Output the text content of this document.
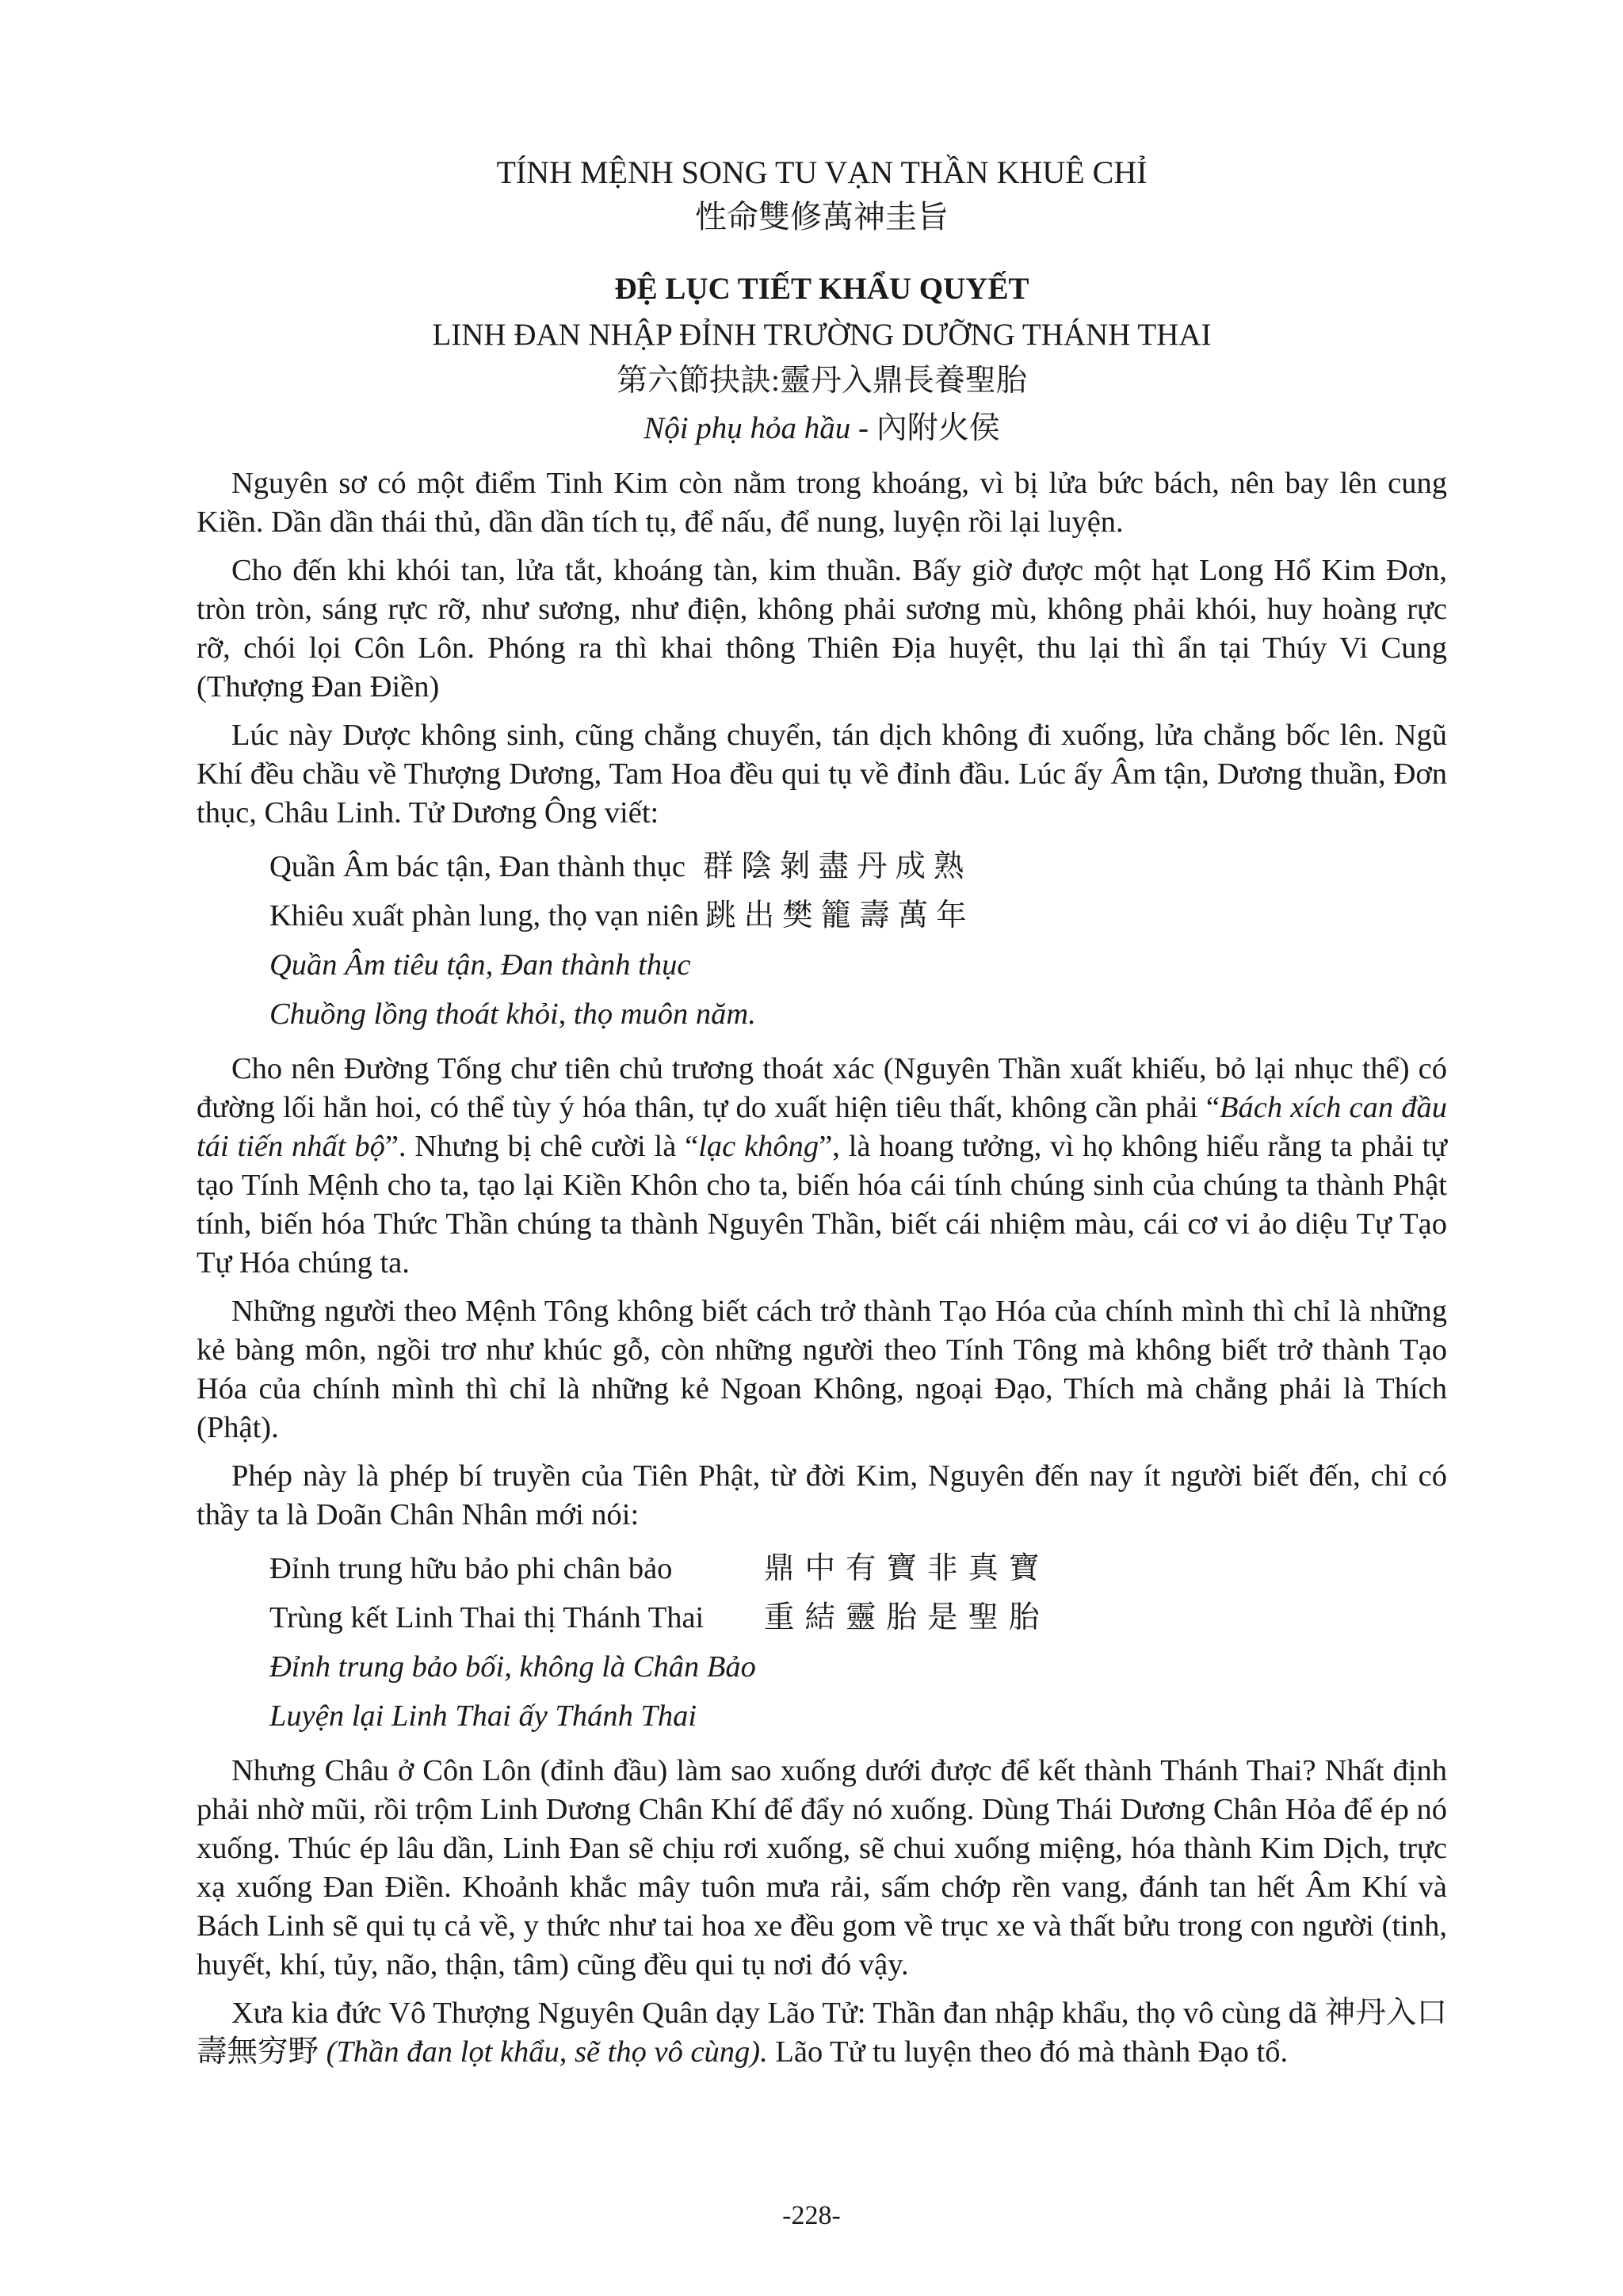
TÍNH MỆNH SONG TU VẠN THẦN KHUÊ CHỈ

性命雙修萬神圭旨

ĐỆ LỤC TIẾT KHẨU QUYẾT

LINH ĐAN NHẬP ĐỈNH TRƯỜNG DƯỠNG THÁNH THAI

第六節抉訣:靈丹入鼎長養聖胎

Nội phụ hỏa hầu - 內附火侯

Nguyên sơ có một điểm Tinh Kim còn nằm trong khoáng, vì bị lửa bức bách, nên bay lên cung Kiền. Dần dần thái thủ, dần dần tích tụ, để nấu, để nung, luyện rồi lại luyện.

Cho đến khi khói tan, lửa tắt, khoáng tàn, kim thuần. Bấy giờ được một hạt Long Hổ Kim Đơn, tròn tròn, sáng rực rỡ, như sương, như điện, không phải sương mù, không phải khói, huy hoàng rực rỡ, chói lọi Côn Lôn. Phóng ra thì khai thông Thiên Địa huyệt, thu lại thì ẩn tại Thúy Vi Cung (Thượng Đan Điền)

Lúc này Dược không sinh, cũng chẳng chuyển, tán dịch không đi xuống, lửa chẳng bốc lên. Ngũ Khí đều chầu về Thượng Dương, Tam Hoa đều qui tụ về đỉnh đầu. Lúc ấy Âm tận, Dương thuần, Đơn thục, Châu Linh. Tử Dương Ông viết:

Quần Âm bác tận, Đan thành thục 群陰剝盡丹成熟
Khiêu xuất phàn lung, thọ vạn niên 跳出樊籠壽萬年
Quần Âm tiêu tận, Đan thành thục
Chuồng lồng thoát khỏi, thọ muôn năm.

Cho nên Đường Tống chư tiên chủ trương thoát xác (Nguyên Thần xuất khiếu, bỏ lại nhục thể) có đường lối hẳn hoi, có thể tùy ý hóa thân, tự do xuất hiện tiêu thất, không cần phải “Bách xích can đầu tái tiến nhất bộ”. Nhưng bị chê cười là “lạc không”, là hoang tưởng, vì họ không hiểu rằng ta phải tự tạo Tính Mệnh cho ta, tạo lại Kiền Khôn cho ta, biến hóa cái tính chúng sinh của chúng ta thành Phật tính, biến hóa Thức Thần chúng ta thành Nguyên Thần, biết cái nhiệm màu, cái cơ vi ảo diệu Tự Tạo Tự Hóa chúng ta.

Những người theo Mệnh Tông không biết cách trở thành Tạo Hóa của chính mình thì chỉ là những kẻ bàng môn, ngồi trơ như khúc gỗ, còn những người theo Tính Tông mà không biết trở thành Tạo Hóa của chính mình thì chỉ là những kẻ Ngoan Không, ngoại Đạo, Thích mà chẳng phải là Thích (Phật).

Phép này là phép bí truyền của Tiên Phật, từ đời Kim, Nguyên đến nay ít người biết đến, chỉ có thầy ta là Doãn Chân Nhân mới nói:

Đỉnh trung hữu bảo phi chân bảo	鼎中有寶非真寶
Trùng kết Linh Thai thị Thánh Thai	重結靈胎是聖胎
Đỉnh trung bảo bối, không là Chân Bảo
Luyện lại Linh Thai ấy Thánh Thai

Nhưng Châu ở Côn Lôn (đỉnh đầu) làm sao xuống dưới được để kết thành Thánh Thai? Nhất định phải nhờ mũi, rồi trộm Linh Dương Chân Khí để đẩy nó xuống. Dùng Thái Dương Chân Hỏa để ép nó xuống. Thúc ép lâu dần, Linh Đan sẽ chịu rơi xuống, sẽ chui xuống miệng, hóa thành Kim Dịch, trực xạ xuống Đan Điền. Khoảnh khắc mây tuôn mưa rải, sấm chớp rền vang, đánh tan hết Âm Khí và Bách Linh sẽ qui tụ cả về, y thức như tai hoa xe đều gom về trục xe và thất bửu trong con người (tinh, huyết, khí, tủy, não, thận, tâm) cũng đều qui tụ nơi đó vậy.

Xưa kia đức Vô Thượng Nguyên Quân dạy Lão Tử: Thần đan nhập khẩu, thọ vô cùng dã 神丹入口壽無穷野 (Thần đan lọt khẩu, sẽ thọ vô cùng). Lão Tử tu luyện theo đó mà thành Đạo tổ.

-228-
